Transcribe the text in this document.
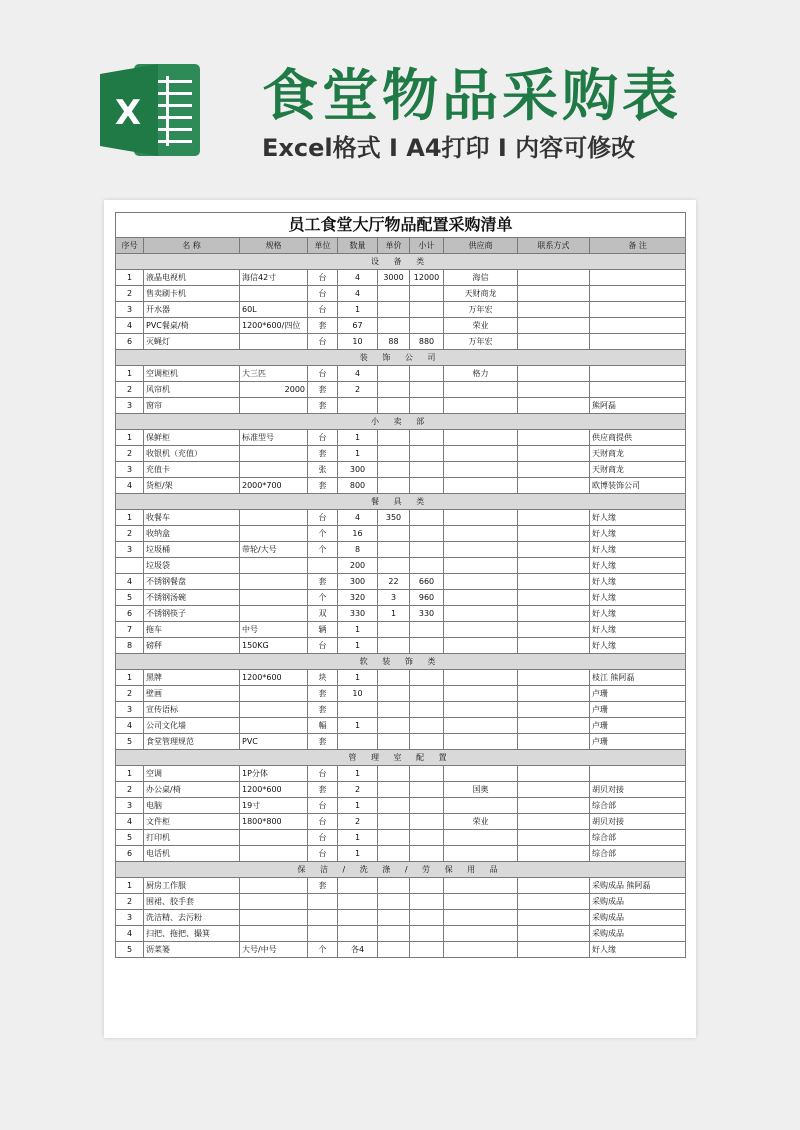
X 食堂物品采购表
Excel格式 I A4打印 I 内容可修改
员工食堂大厅物品配置采购清单									
序号	名 称	规格	单位	数量	单价	小计	供应商	联系方式	备 注
设 备 类									
1	液晶电视机	海信42寸	台	4	3000	12000	海信		
2	售卖刷卡机		台	4			天财商龙		
3	开水器	60L	台	1			万年宏		
4	PVC餐桌/椅	1200*600/四位	套	67			荣业		
6	灭蝇灯		台	10	88	880	万年宏		
装 饰 公 司									
1	空调柜机	大三匹	台	4			格力		
2	风帘机	2000	套	2					
3	窗帘		套						熊阿磊
小 卖 部									
1	保鲜柜	标准型号	台	1					供应商提供
2	收银机（充值）		套	1					天财商龙
3	充值卡		张	300					天财商龙
4	货柜/架	2000*700	套	800					欧博装饰公司
餐 具 类									
1	收餐车		台	4	350				好人缘
2	收纳盒		个	16					好人缘
3	垃圾桶	带轮/大号	个	8					好人缘
	垃圾袋			200					好人缘
4	不锈钢餐盘		套	300	22	660			好人缘
5	不锈钢汤碗		个	320	3	960			好人缘
6	不锈钢筷子		双	330	1	330			好人缘
7	拖车	中号	辆	1					好人缘
8	磅秤	150KG	台	1					好人缘
软 装 饰 类									
1	黑牌	1200*600	块	1					枝江 熊阿磊
2	壁画		套	10					卢珊
3	宣传语标		套						卢珊
4	公司文化墙		幅	1					卢珊
5	食堂管理规范	PVC	套						卢珊
管 理 室 配 置									
1	空调	1P分体	台	1					
2	办公桌/椅	1200*600	套	2			国奥		胡贝对接
3	电脑	19寸	台	1					综合部
4	文件柜	1800*800	台	2			荣业		胡贝对接
5	打印机		台	1					综合部
6	电话机		台	1					综合部
保 洁 / 洗 涤 / 劳 保 用 品									
1	厨房工作服		套						采购成品 熊阿磊
2	围裙、胶手套								采购成品
3	洗洁精、去污粉								采购成品
4	扫把、拖把、撮箕								采购成品
5	沥菜篓	大号/中号	个	各4					好人缘
